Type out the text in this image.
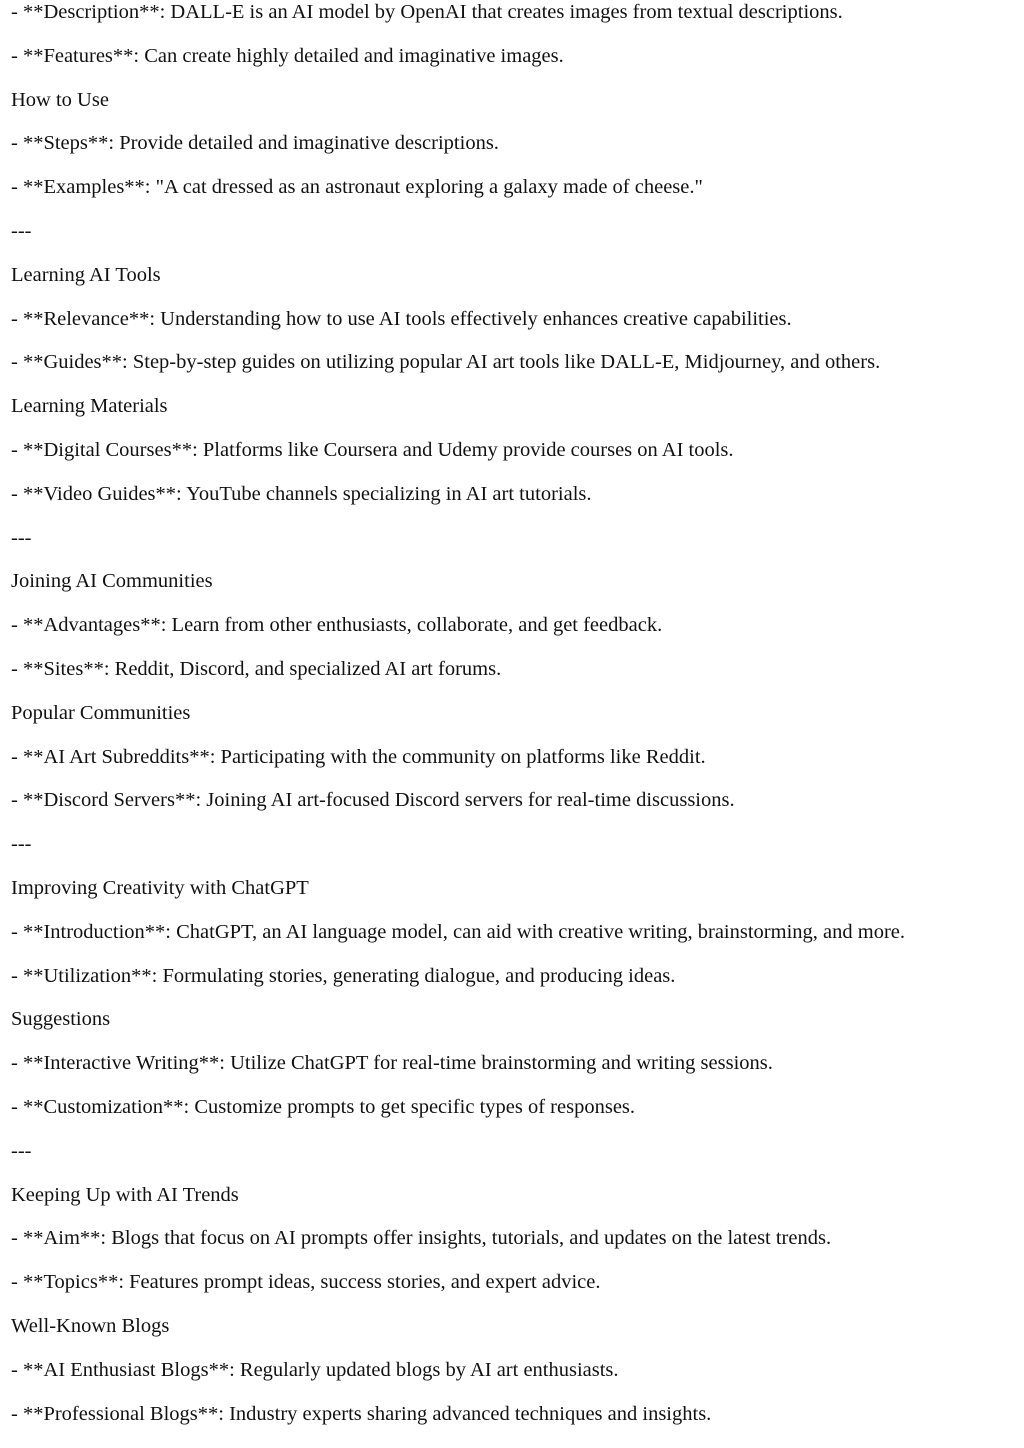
- **Description**: DALL-E is an AI model by OpenAI that creates images from textual descriptions.
- **Features**: Can create highly detailed and imaginative images.
How to Use
- **Steps**: Provide detailed and imaginative descriptions.
- **Examples**: "A cat dressed as an astronaut exploring a galaxy made of cheese."
---
Learning AI Tools
- **Relevance**: Understanding how to use AI tools effectively enhances creative capabilities.
- **Guides**: Step-by-step guides on utilizing popular AI art tools like DALL-E, Midjourney, and others.
Learning Materials
- **Digital Courses**: Platforms like Coursera and Udemy provide courses on AI tools.
- **Video Guides**: YouTube channels specializing in AI art tutorials.
---
Joining AI Communities
- **Advantages**: Learn from other enthusiasts, collaborate, and get feedback.
- **Sites**: Reddit, Discord, and specialized AI art forums.
Popular Communities
- **AI Art Subreddits**: Participating with the community on platforms like Reddit.
- **Discord Servers**: Joining AI art-focused Discord servers for real-time discussions.
---
Improving Creativity with ChatGPT
- **Introduction**: ChatGPT, an AI language model, can aid with creative writing, brainstorming, and more.
- **Utilization**: Formulating stories, generating dialogue, and producing ideas.
Suggestions
- **Interactive Writing**: Utilize ChatGPT for real-time brainstorming and writing sessions.
- **Customization**: Customize prompts to get specific types of responses.
---
Keeping Up with AI Trends
- **Aim**: Blogs that focus on AI prompts offer insights, tutorials, and updates on the latest trends.
- **Topics**: Features prompt ideas, success stories, and expert advice.
Well-Known Blogs
- **AI Enthusiast Blogs**: Regularly updated blogs by AI art enthusiasts.
- **Professional Blogs**: Industry experts sharing advanced techniques and insights.
